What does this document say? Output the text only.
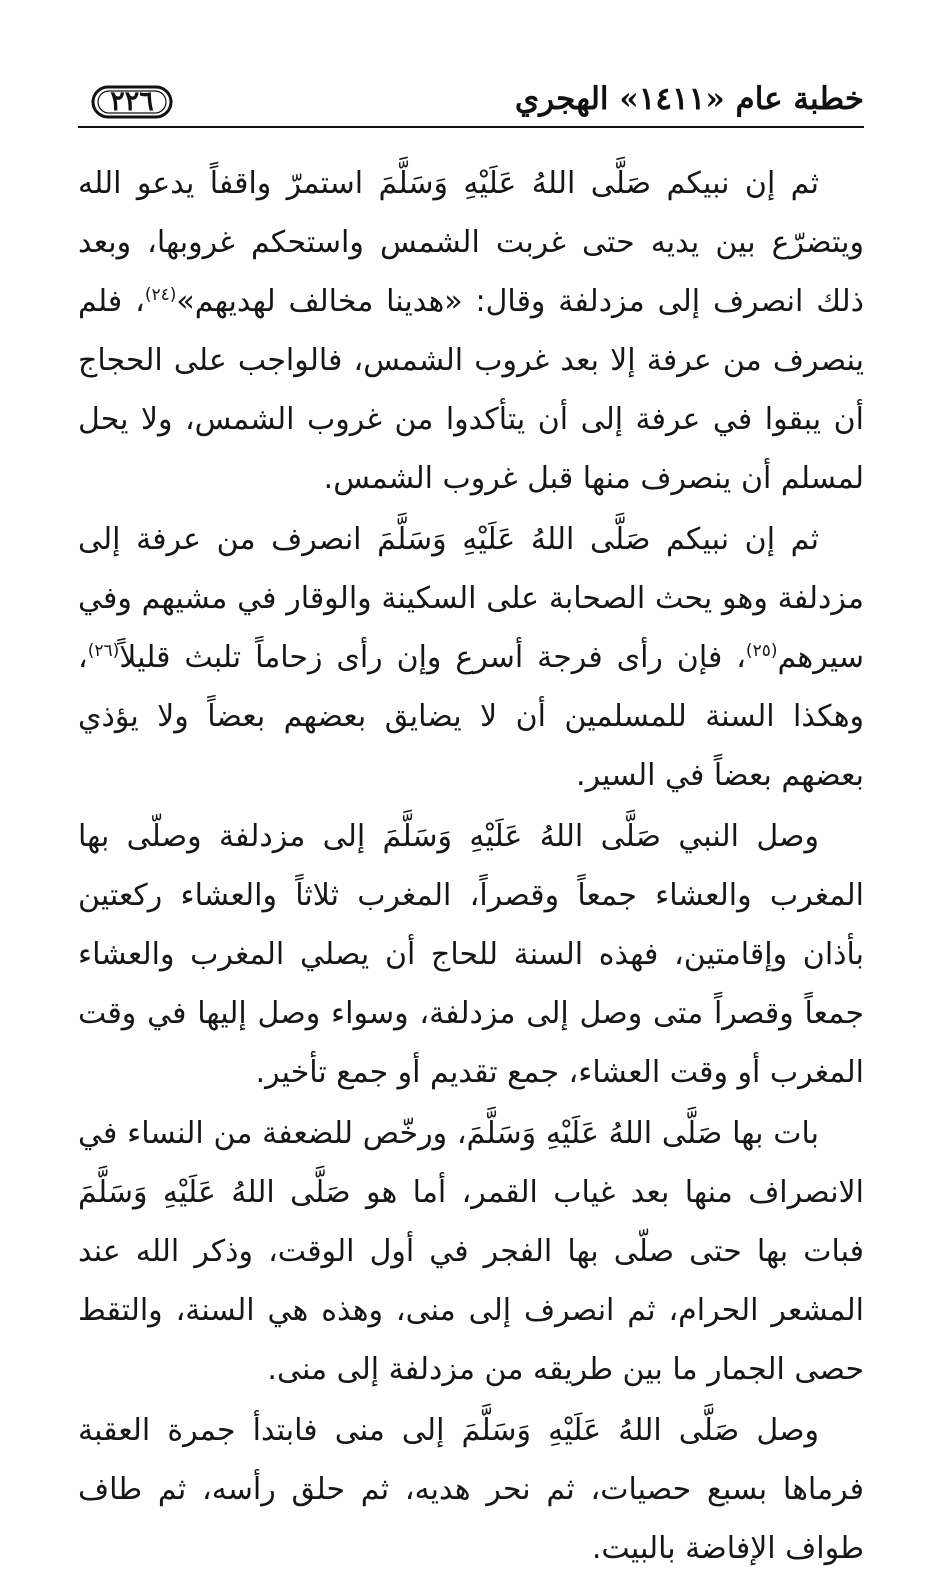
خطبة عام «١٤١١» الهجري
٢٢٦

ثم إن نبيكم صَلَّى اللهُ عَلَيْهِ وَسَلَّمَ استمرّ واقفاً يدعو الله ويتضرّع بين يديه حتى غربت الشمس واستحكم غروبها، وبعد ذلك انصرف إلى مزدلفة وقال: «هدينا مخالف لهديهم»$^{(٢٤)}$، فلم ينصرف من عرفة إلا بعد غروب الشمس، فالواجب على الحجاج أن يبقوا في عرفة إلى أن يتأكدوا من غروب الشمس، ولا يحل لمسلم أن ينصرف منها قبل غروب الشمس.

ثم إن نبيكم صَلَّى اللهُ عَلَيْهِ وَسَلَّمَ انصرف من عرفة إلى مزدلفة وهو يحث الصحابة على السكينة والوقار في مشيهم وفي سيرهم$^{(٢٥)}$، فإن رأى فرجة أسرع وإن رأى زحاماً تلبث قليلاً$^{(٢٦)}$، وهكذا السنة للمسلمين أن لا يضايق بعضهم بعضاً ولا يؤذي بعضهم بعضاً في السير.

وصل النبي صَلَّى اللهُ عَلَيْهِ وَسَلَّمَ إلى مزدلفة وصلّى بها المغرب والعشاء جمعاً وقصراً، المغرب ثلاثاً والعشاء ركعتين بأذان وإقامتين، فهذه السنة للحاج أن يصلي المغرب والعشاء جمعاً وقصراً متى وصل إلى مزدلفة، وسواء وصل إليها في وقت المغرب أو وقت العشاء، جمع تقديم أو جمع تأخير.

بات بها صَلَّى اللهُ عَلَيْهِ وَسَلَّمَ، ورخّص للضعفة من النساء في الانصراف منها بعد غياب القمر، أما هو صَلَّى اللهُ عَلَيْهِ وَسَلَّمَ فبات بها حتى صلّى بها الفجر في أول الوقت، وذكر الله عند المشعر الحرام، ثم انصرف إلى منى، وهذه هي السنة، والتقط حصى الجمار ما بين طريقه من مزدلفة إلى منى.

وصل صَلَّى اللهُ عَلَيْهِ وَسَلَّمَ إلى منى فابتدأ جمرة العقبة فرماها بسبع حصيات، ثم نحر هديه، ثم حلق رأسه، ثم طاف طواف الإفاضة بالبيت.
